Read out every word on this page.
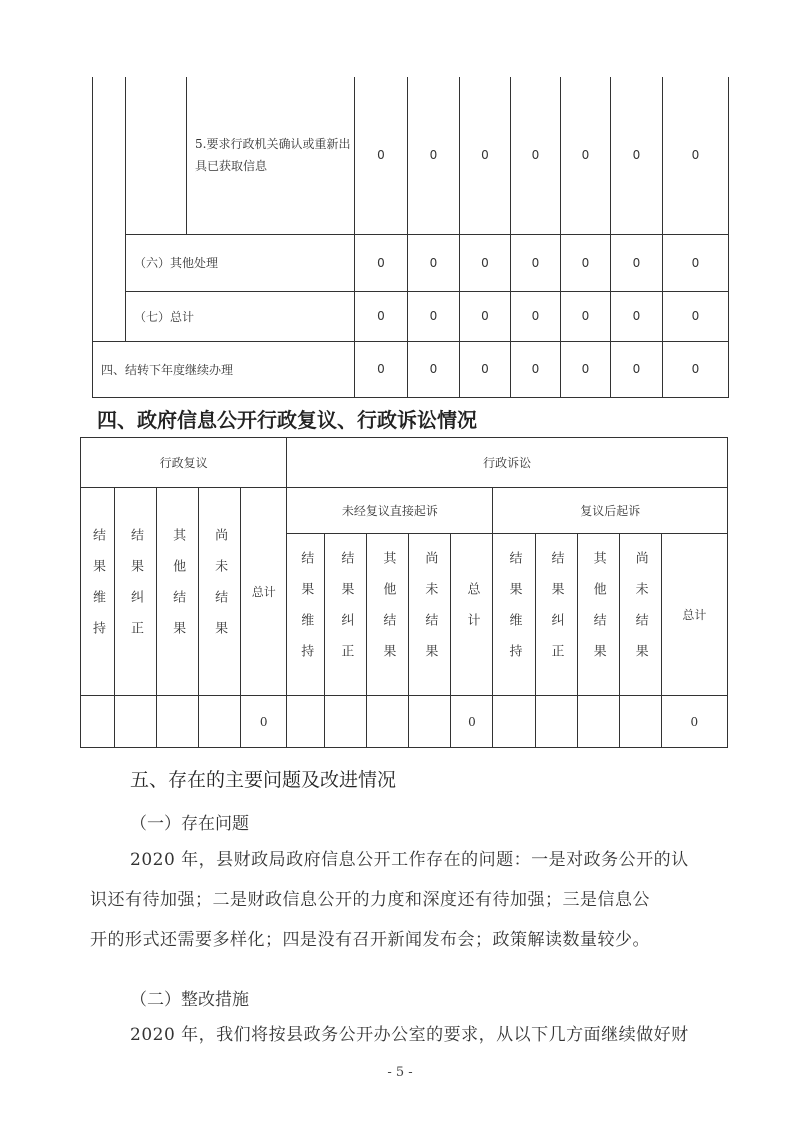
		5.要求行政机关确认或重新出具已获取信息	0	0	0	0	0	0	0
	（六）其他处理		0	0	0	0	0	0	0
	（七）总计		0	0	0	0	0	0	0
四、结转下年度继续办理			0	0	0	0	0	0	0
四、政府信息公开行政复议、行政诉讼情况
行政复议					行政诉讼									
结果维持	结果纠正	其他结果	尚未结果	总计	未经复议直接起诉					复议后起诉				
					结果维持	结果纠正	其他结果	尚未结果	总计	结果维持	结果纠正	其他结果	尚未结果	总计
				0					0					0
五、存在的主要问题及改进情况
（一）存在问题
2020 年，县财政局政府信息公开工作存在的问题：一是对政务公开的认
识还有待加强；二是财政信息公开的力度和深度还有待加强；三是信息公
开的形式还需要多样化；四是没有召开新闻发布会；政策解读数量较少。
（二）整改措施
2020 年，我们将按县政务公开办公室的要求，从以下几方面继续做好财
- 5 -
